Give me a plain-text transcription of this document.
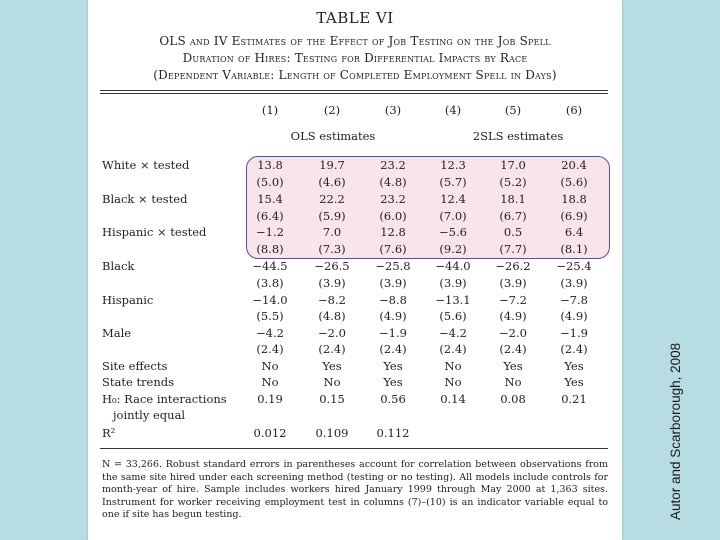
TABLE VI
OLS and IV Estimates of the Effect of Job Testing on the Job Spell
Duration of Hires: Testing for Differential Impacts by Race
(Dependent Variable: Length of Completed Employment Spell in Days)
(1)	(2)	(3)	(4)	(5)	(6)
OLS estimates	2SLS estimates
White × tested	13.8	19.7	23.2	12.3	17.0	20.4
(5.0)	(4.6)	(4.8)	(5.7)	(5.2)	(5.6)
Black × tested	15.4	22.2	23.2	12.4	18.1	18.8
(6.4)	(5.9)	(6.0)	(7.0)	(6.7)	(6.9)
Hispanic × tested	−1.2	7.0	12.8	−5.6	0.5	6.4
(8.8)	(7.3)	(7.6)	(9.2)	(7.7)	(8.1)
Black	−44.5	−26.5	−25.8	−44.0	−26.2	−25.4
(3.8)	(3.9)	(3.9)	(3.9)	(3.9)	(3.9)
Hispanic	−14.0	−8.2	−8.8	−13.1	−7.2	−7.8
(5.5)	(4.8)	(4.9)	(5.6)	(4.9)	(4.9)
Male	−4.2	−2.0	−1.9	−4.2	−2.0	−1.9
(2.4)	(2.4)	(2.4)	(2.4)	(2.4)	(2.4)
Site effects	No	Yes	Yes	No	Yes	Yes
State trends	No	No	Yes	No	No	Yes
H₀: Race interactions	0.19	0.15	0.56	0.14	0.08	0.21
jointly equal
R²	0.012	0.109	0.112
N = 33,266. Robust standard errors in parentheses account for correlation between observations from the same site hired under each screening method (testing or no testing). All models include controls for month-year of hire. Sample includes workers hired January 1999 through May 2000 at 1,363 sites. Instrument for worker receiving employment test in columns (7)–(10) is an indicator variable equal to one if site has begun testing.	Autor and Scarborough, 2008
